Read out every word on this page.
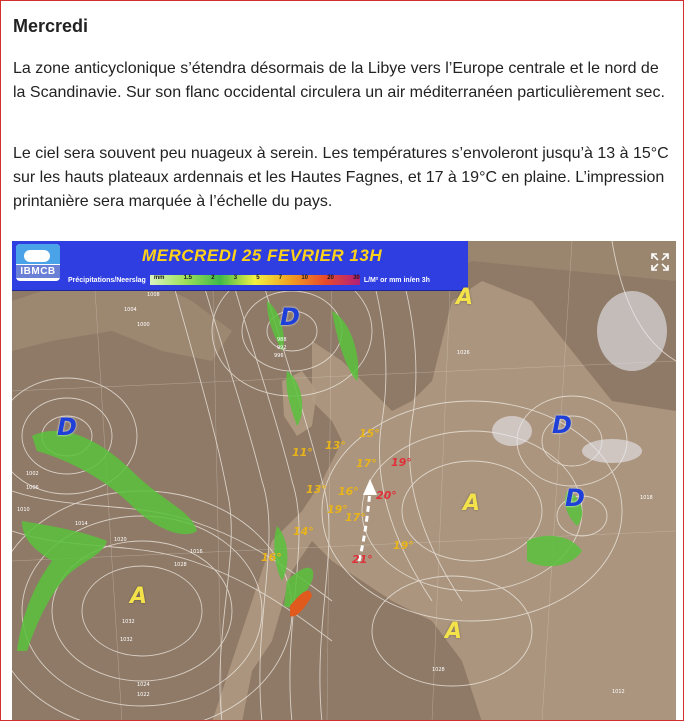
Mercredi

La zone anticyclonique s’étendra désormais de la Libye vers l’Europe centrale et le nord de la Scandinavie. Sur son flanc occidental circulera un air méditerranéen particulièrement sec.

Le ciel sera souvent peu nuageux à serein. Les températures s’envoleront jusqu’à 13 à 15°C sur les hauts plateaux ardennais et les Hautes Fagnes, et 17 à 19°C en plaine. L’impression printanière sera marquée à l’échelle du pays.

IBMCB
MERCREDI 25 FEVRIER 13H
Précipitations/Neerslag mm	1.5	2	3	5	7	10	20	30 L/M² or mm in/en 3h
A
D
D	D
D
A
A
A
15°
13°
11°
17° 19°
16°
13°	20°
19°
17°
14°
16°	21°
19°
1000
1004
1008
988
992
996	1026
1020
1016
1028
1032
1032
1024
1022
1028
1018
1012
1014
1010
1002
1006
